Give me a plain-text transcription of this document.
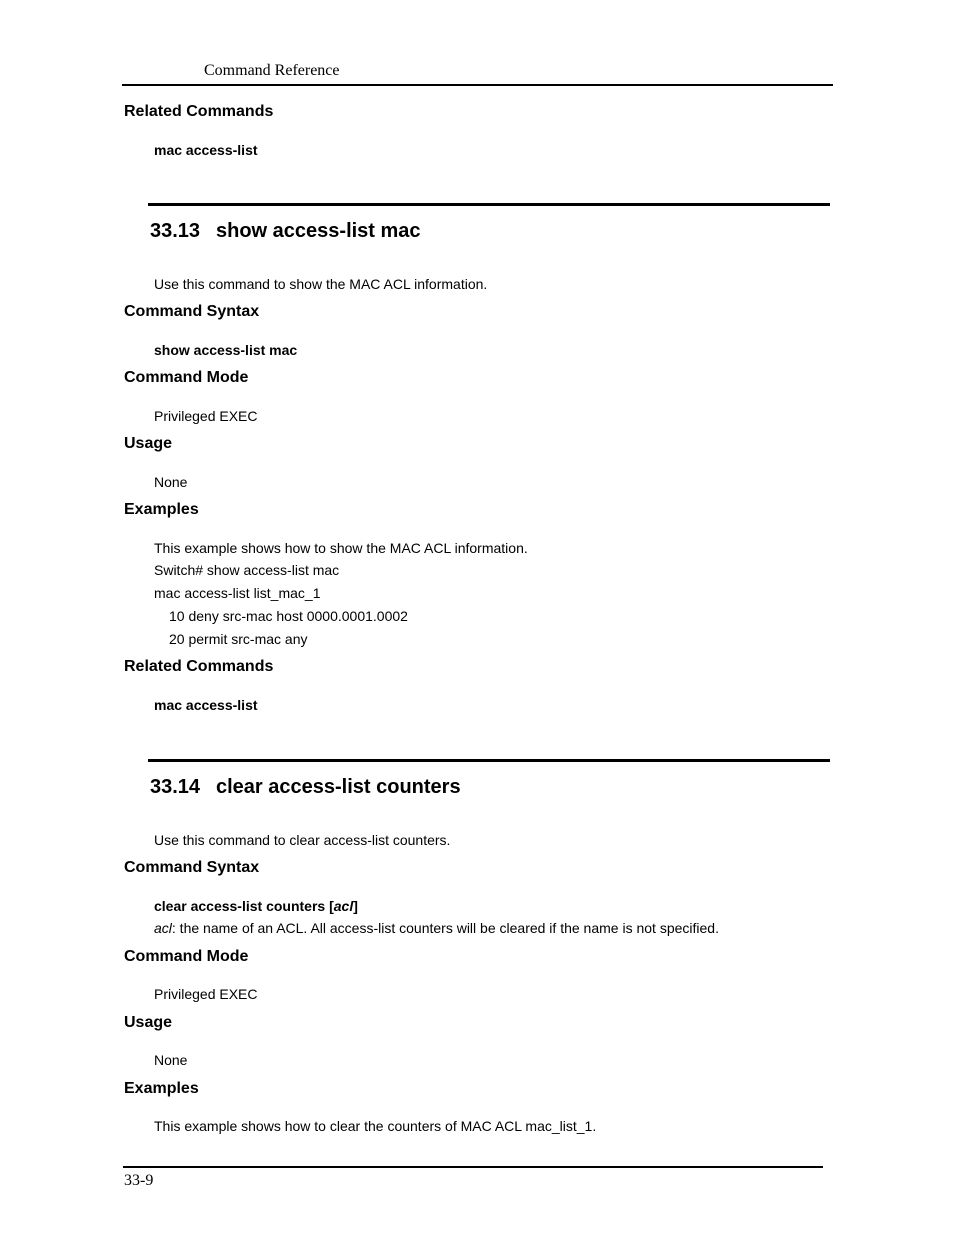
Command Reference
Related Commands
mac access-list
33.13 show access-list mac
Use this command to show the MAC ACL information.
Command Syntax
show access-list mac
Command Mode
Privileged EXEC
Usage
None
Examples
This example shows how to show the MAC ACL information.
Switch# show access-list mac
mac access-list list_mac_1
10 deny src-mac host 0000.0001.0002
20 permit src-mac any
Related Commands
mac access-list
33.14 clear access-list counters
Use this command to clear access-list counters.
Command Syntax
clear access-list counters [acl]
acl: the name of an ACL. All access-list counters will be cleared if the name is not specified.
Command Mode
Privileged EXEC
Usage
None
Examples
This example shows how to clear the counters of MAC ACL mac_list_1.
33-9
